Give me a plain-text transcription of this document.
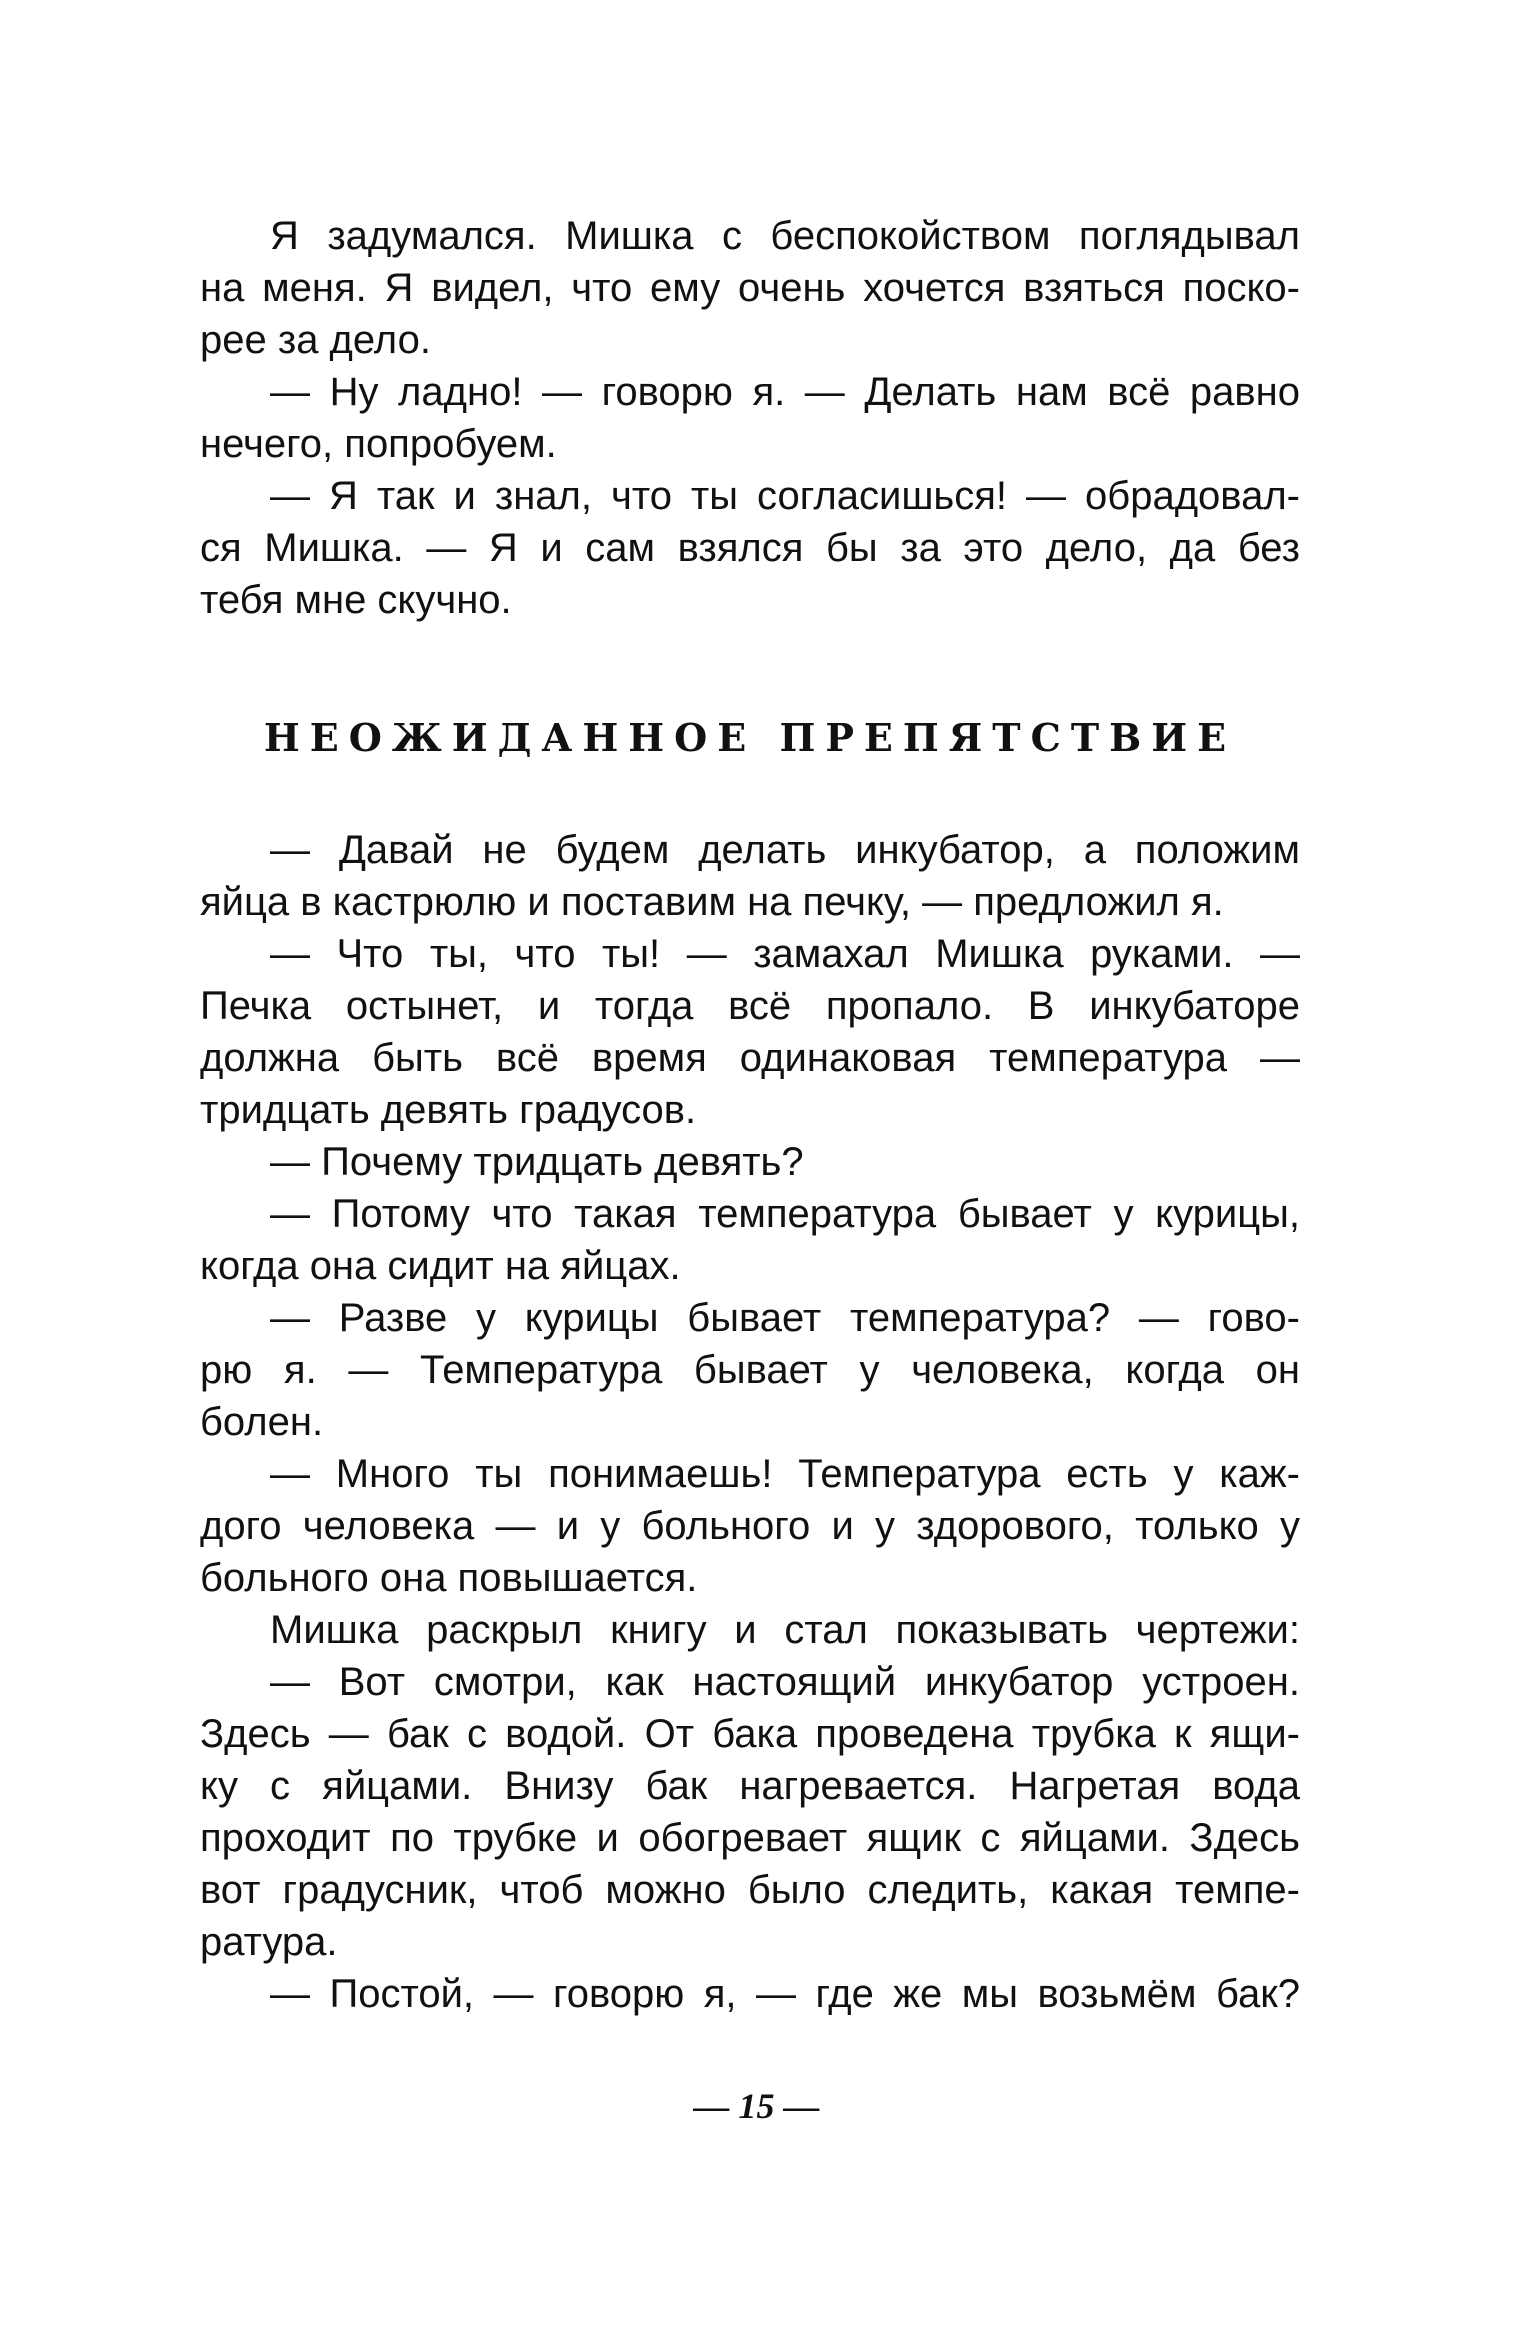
Я задумался. Мишка с беспокойством поглядывал
на меня. Я видел, что ему очень хочется взяться поско-
рее за дело.
— Ну ладно! — говорю я. — Делать нам всё равно
нечего, попробуем.
— Я так и знал, что ты согласишься! — обрадовал-
ся Мишка. — Я и сам взялся бы за это дело, да без
тебя мне скучно.

НЕОЖИДАННОЕ ПРЕПЯТСТВИЕ

— Давай не будем делать инкубатор, а положим
яйца в кастрюлю и поставим на печку, — предложил я.
— Что ты, что ты! — замахал Мишка руками. —
Печка остынет, и тогда всё пропало. В инкубаторе
должна быть всё время одинаковая температура —
тридцать девять градусов.
— Почему тридцать девять?
— Потому что такая температура бывает у курицы,
когда она сидит на яйцах.
— Разве у курицы бывает температура? — гово-
рю я. — Температура бывает у человека, когда он
болен.
— Много ты понимаешь! Температура есть у каж-
дого человека — и у больного и у здорового, только у
больного она повышается.
Мишка раскрыл книгу и стал показывать чертежи:
— Вот смотри, как настоящий инкубатор устроен.
Здесь — бак с водой. От бака проведена трубка к ящи-
ку с яйцами. Внизу бак нагревается. Нагретая вода
проходит по трубке и обогревает ящик с яйцами. Здесь
вот градусник, чтоб можно было следить, какая темпе-
ратура.
— Постой, — говорю я, — где же мы возьмём бак?

— 15 —
